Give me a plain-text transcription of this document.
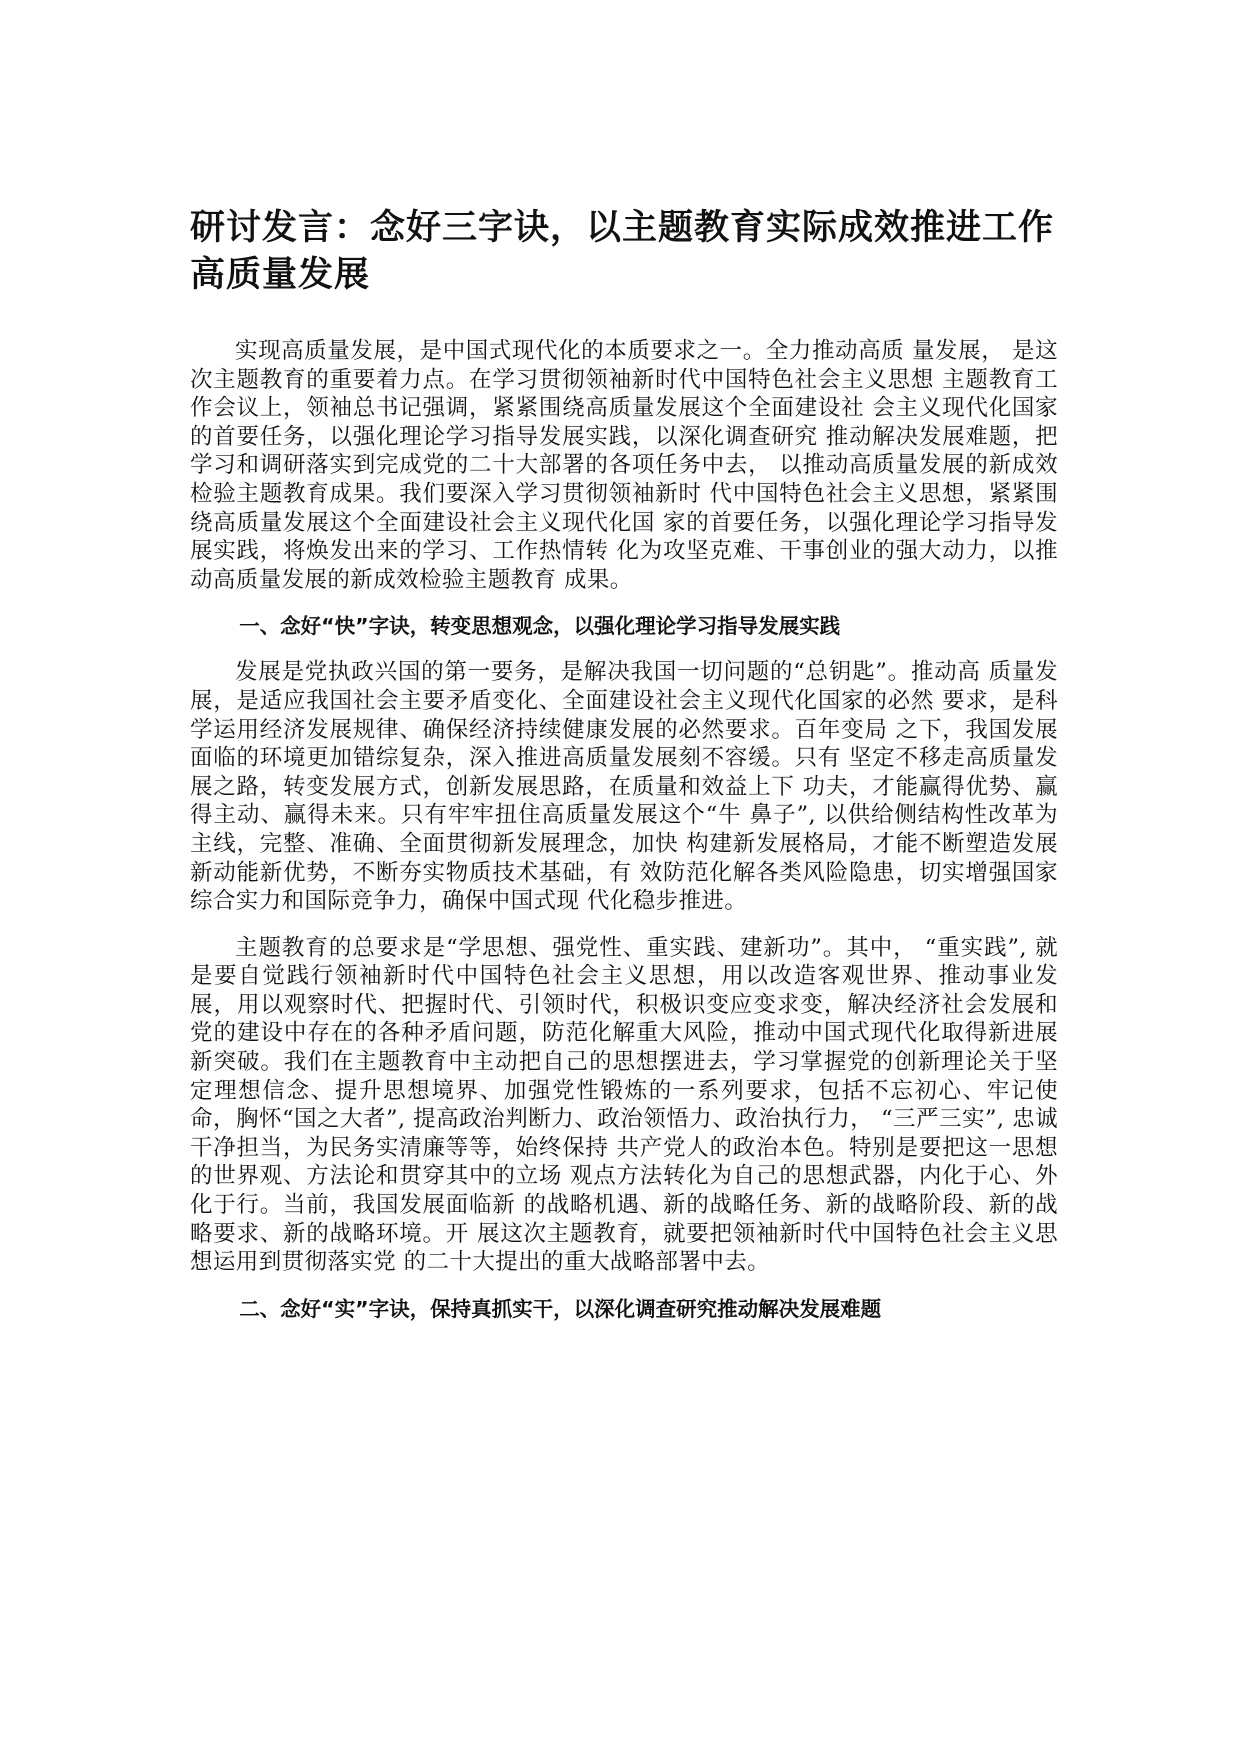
研讨发言：念好三字诀，以主题教育实际成效推进工作高质量发展

实现高质量发展，是中国式现代化的本质要求之一。全力推动高质 量发展， 是这次主题教育的重要着力点。在学习贯彻领袖新时代中国特色社会主义思想 主题教育工作会议上，领袖总书记强调，紧紧围绕高质量发展这个全面建设社 会主义现代化国家的首要任务，以强化理论学习指导发展实践，以深化调查研究 推动解决发展难题，把学习和调研落实到完成党的二十大部署的各项任务中去， 以推动高质量发展的新成效检验主题教育成果。我们要深入学习贯彻领袖新时 代中国特色社会主义思想，紧紧围绕高质量发展这个全面建设社会主义现代化国 家的首要任务，以强化理论学习指导发展实践，将焕发出来的学习、工作热情转 化为攻坚克难、干事创业的强大动力，以推动高质量发展的新成效检验主题教育 成果。

一、念好“快”字诀，转变思想观念，以强化理论学习指导发展实践

发展是党执政兴国的第一要务，是解决我国一切问题的“总钥匙”。推动高 质量发展，是适应我国社会主要矛盾变化、全面建设社会主义现代化国家的必然 要求，是科学运用经济发展规律、确保经济持续健康发展的必然要求。百年变局 之下，我国发展面临的环境更加错综复杂，深入推进高质量发展刻不容缓。只有 坚定不移走高质量发展之路，转变发展方式，创新发展思路，在质量和效益上下 功夫，才能赢得优势、赢得主动、赢得未来。只有牢牢扭住高质量发展这个“牛 鼻子”, 以供给侧结构性改革为主线，完整、准确、全面贯彻新发展理念，加快 构建新发展格局，才能不断塑造发展新动能新优势，不断夯实物质技术基础，有 效防范化解各类风险隐患，切实增强国家综合实力和国际竞争力，确保中国式现 代化稳步推进。

主题教育的总要求是“学思想、强党性、重实践、建新功”。其中， “重实践”, 就是要自觉践行领袖新时代中国特色社会主义思想，用以改造客观世界、推动事业发展，用以观察时代、把握时代、引领时代，积极识变应变求变，解决经济社会发展和党的建设中存在的各种矛盾问题，防范化解重大风险，推动中国式现代化取得新进展新突破。我们在主题教育中主动把自己的思想摆进去，学习掌握党的创新理论关于坚定理想信念、提升思想境界、加强党性锻炼的一系列要求，包括不忘初心、牢记使命，胸怀“国之大者”, 提高政治判断力、政治领悟力、政治执行力， “三严三实”, 忠诚干净担当，为民务实清廉等等，始终保持 共产党人的政治本色。特别是要把这一思想的世界观、方法论和贯穿其中的立场 观点方法转化为自己的思想武器，内化于心、外化于行。当前，我国发展面临新 的战略机遇、新的战略任务、新的战略阶段、新的战略要求、新的战略环境。开 展这次主题教育，就要把领袖新时代中国特色社会主义思想运用到贯彻落实党 的二十大提出的重大战略部署中去。

二、念好“实”字诀，保持真抓实干，以深化调查研究推动解决发展难题
